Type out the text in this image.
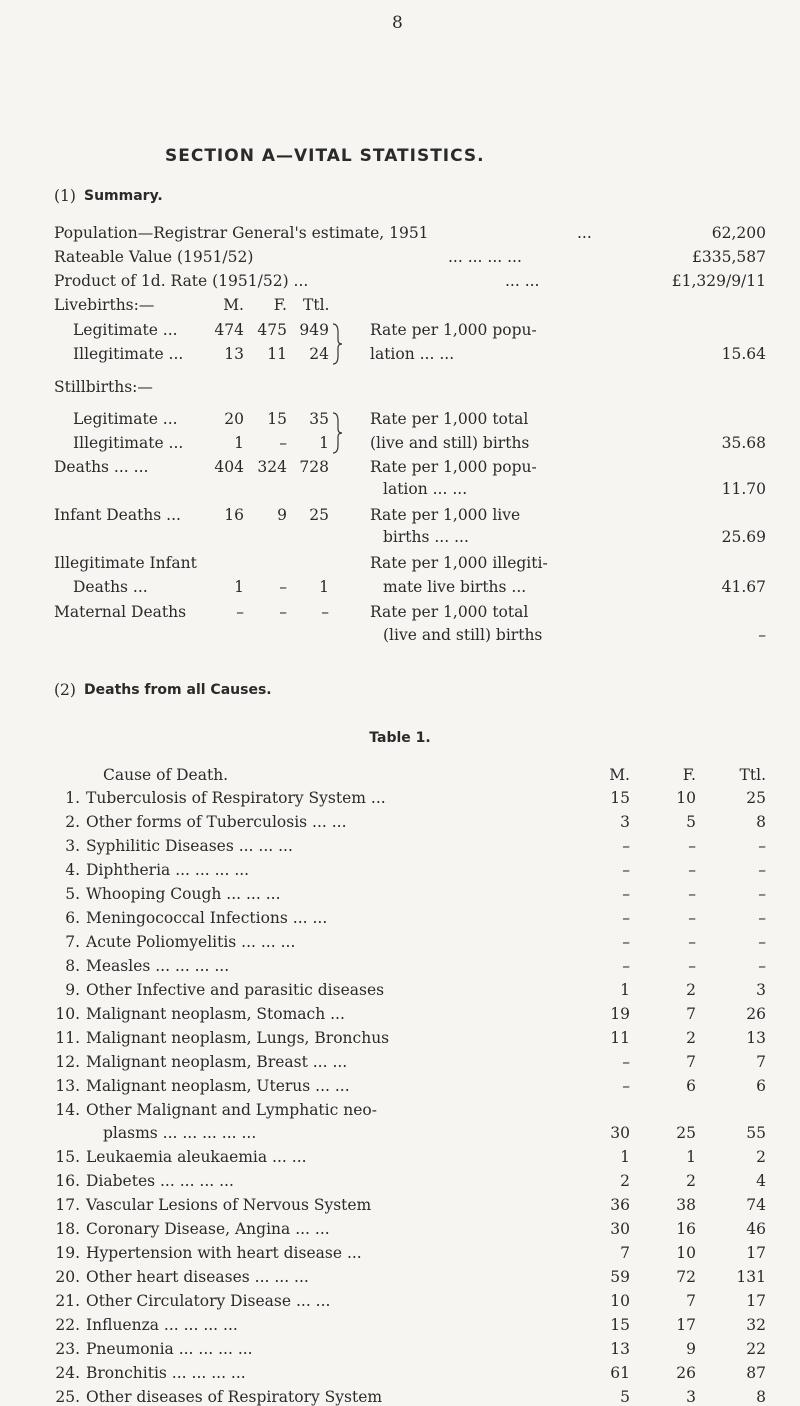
8
SECTION A—VITAL STATISTICS.
(1) Summary.
Population—Registrar General's estimate, 1951	...	62,200
Rateable Value (1951/52)	... ... ... ...	£335,587
Product of 1d. Rate (1951/52) ...	... ...	£1,329/9/11
Livebirths:—	M.	F. Ttl.
Legitimate ...	474 475 949
Illegitimate ...	13	11	24
Rate per 1,000 popu-
lation ... ...	15.64
Stillbirths:—
Legitimate ...	20	15	35
Illegitimate ...	1	–	1
Rate per 1,000 total
(live and still) births	35.68
Deaths ... ...	404 324 728	Rate per 1,000 popu-
lation ... ...	11.70
Infant Deaths ...	16	9	25	Rate per 1,000 live
births ... ...	25.69
Illegitimate Infant
Deaths ...	1	–	1
Rate per 1,000 illegiti-
mate live births ...	41.67
Maternal Deaths	–	–	–	Rate per 1,000 total
(live and still) births	–
(2) Deaths from all Causes.
Table 1.
Cause of Death.	M.	F.	Ttl.
1. Tuberculosis of Respiratory System ...	15	10	25
2. Other forms of Tuberculosis ... ...	3	5	8
3. Syphilitic Diseases ... ... ...	–	–	–
4. Diphtheria ... ... ... ...	–	–	–
5. Whooping Cough ... ... ...	–	–	–
6. Meningococcal Infections ... ...	–	–	–
7. Acute Poliomyelitis ... ... ...	–	–	–
8. Measles ... ... ... ...	–	–	–
9. Other Infective and parasitic diseases	1	2	3
10. Malignant neoplasm, Stomach ...	19	7	26
11. Malignant neoplasm, Lungs, Bronchus	11	2	13
12. Malignant neoplasm, Breast ... ...	–	7	7
13. Malignant neoplasm, Uterus ... ...	–	6	6
14. Other Malignant and Lymphatic neo-
plasms ... ... ... ... ...	30	25	55
15. Leukaemia aleukaemia ... ...	1	1	2
16. Diabetes ... ... ... ...	2	2	4
17. Vascular Lesions of Nervous System	36	38	74
18. Coronary Disease, Angina ... ...	30	16	46
19. Hypertension with heart disease ...	7	10	17
20. Other heart diseases ... ... ...	59	72	131
21. Other Circulatory Disease ... ...	10	7	17
22. Influenza ... ... ... ...	15	17	32
23. Pneumonia ... ... ... ...	13	9	22
24. Bronchitis ... ... ... ...	61	26	87
25. Other diseases of Respiratory System	5	3	8
